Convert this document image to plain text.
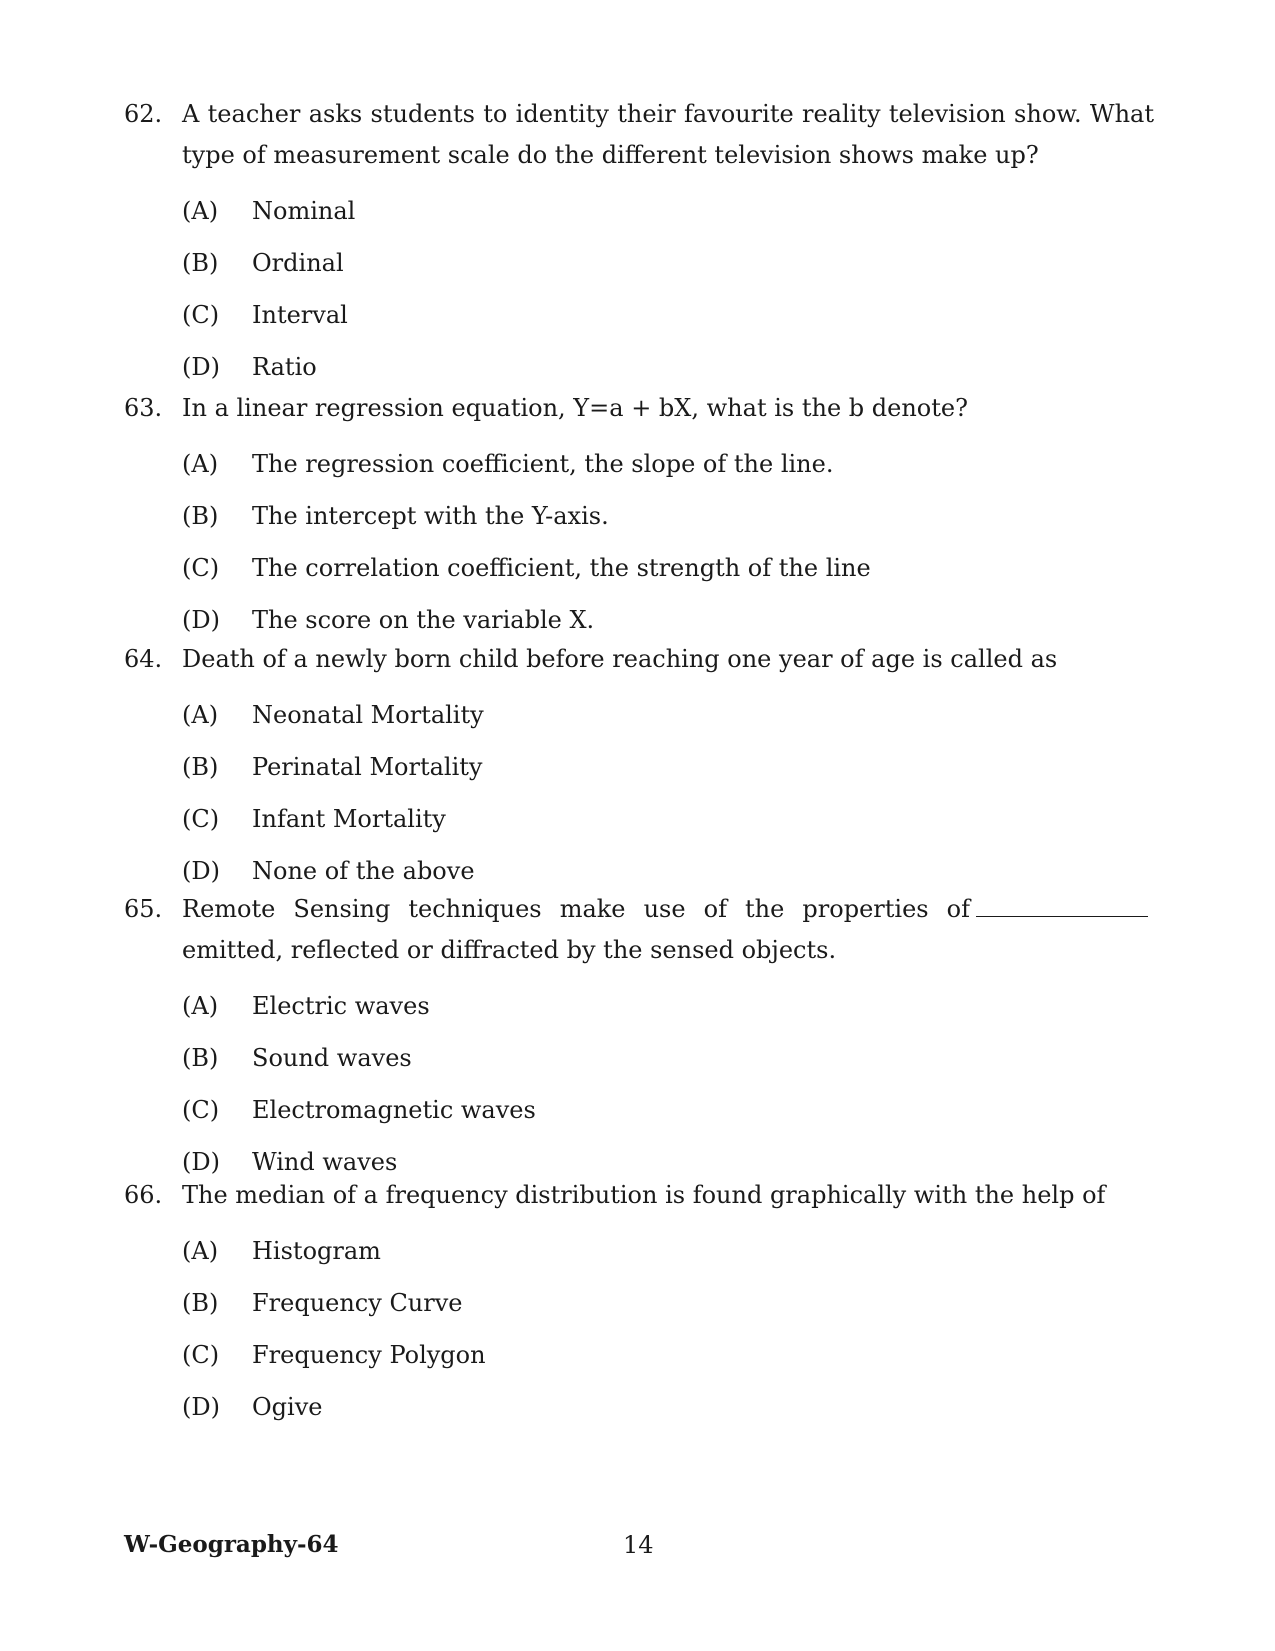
62. A teacher asks students to identity their favourite reality television show. What type of measurement scale do the different television shows make up?
(A)	Nominal
(B)	Ordinal
(C)	Interval
(D)	Ratio
63. In a linear regression equation, Y=a + bX, what is the b denote?
(A)	The regression coefficient, the slope of the line.
(B)	The intercept with the Y-axis.
(C)	The correlation coefficient, the strength of the line
(D)	The score on the variable X.
64. Death of a newly born child before reaching one year of age is called as
(A)	Neonatal Mortality
(B)	Perinatal Mortality
(C)	Infant Mortality
(D)	None of the above
65. Remote Sensing techniques make use of the properties ofemitted, reflected or diffracted by the sensed objects.
(A)	Electric waves
(B)	Sound waves
(C)	Electromagnetic waves
(D)	Wind waves
66. The median of a frequency distribution is found graphically with the help of
(A)	Histogram
(B)	Frequency Curve
(C)	Frequency Polygon
(D)	Ogive
W-Geography-64	14
